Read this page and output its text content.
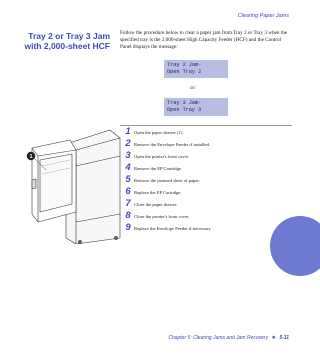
Clearing Paper Jams
Tray 2 or Tray 3 Jam
with 2,000-sheet HCF
Follow the procedure below to clear a paper jam from Tray 2 or Tray 3 when the specified tray is the 2,000-sheet High Capacity Feeder (HCF) and the Control Panel displays the message:
Tray 2 Jam-
Open Tray 2
or:
Tray 3 Jam-
Open Tray 3
1
1 Open the paper drawer (1).
2 Remove the Envelope Feeder if installed.
3 Open the printer's front cover.
4 Remove the EP Cartridge.
5 Remove the jammed sheet of paper.
6 Replace the EP Cartridge.
7 Close the paper drawer.
8 Close the printer's front cover.
9 Replace the Envelope Feeder if necessary.
Chapter 5: Clearing Jams and Jam Recovery ❖ 5-11
